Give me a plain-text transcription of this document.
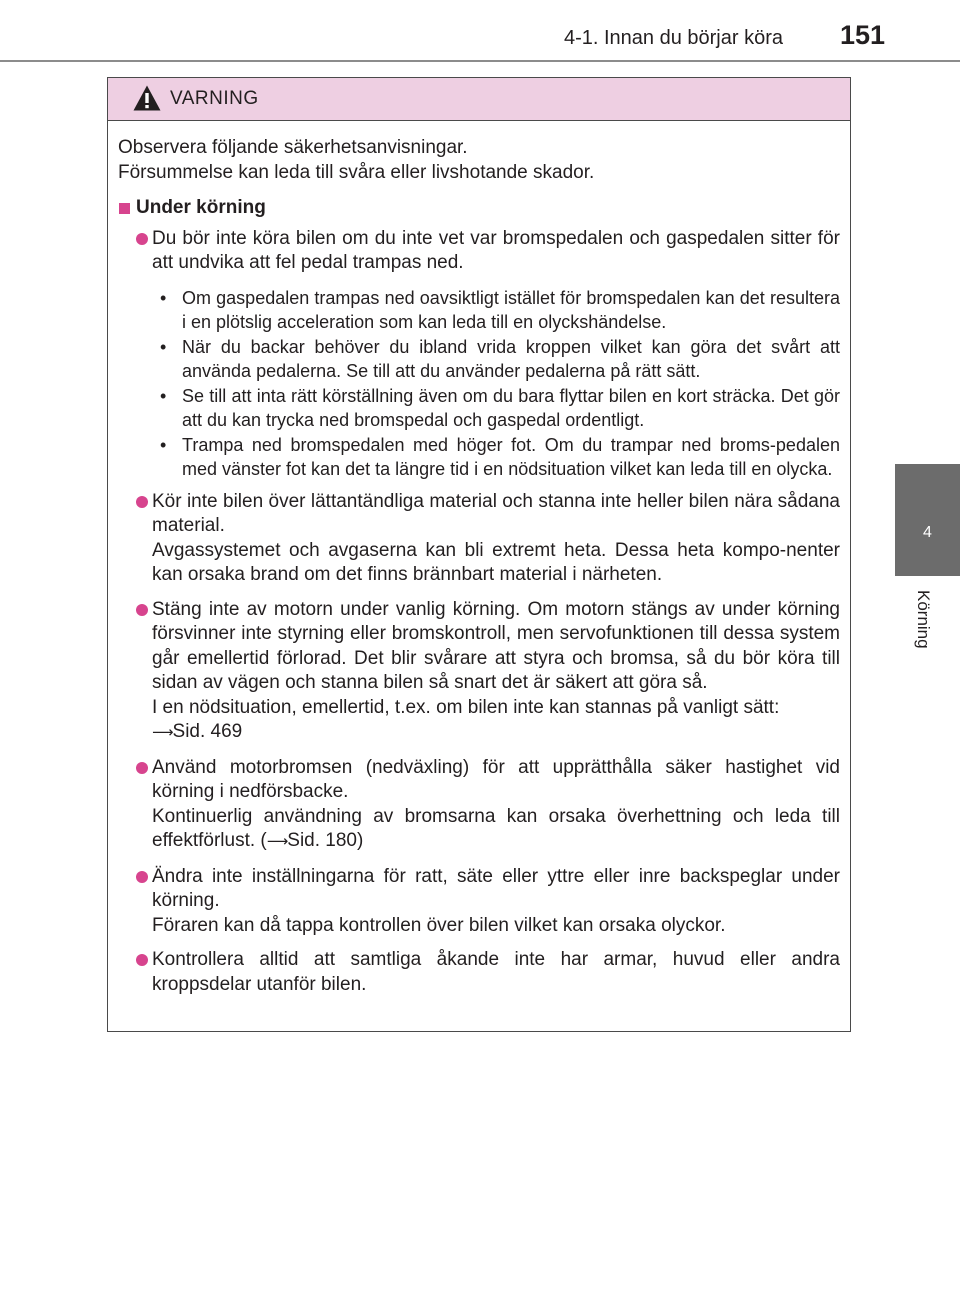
4-1. Innan du börjar köra 151
4
Körning
VARNING
Observera följande säkerhetsanvisningar.
Försummelse kan leda till svåra eller livshotande skador.
Under körning
Du bör inte köra bilen om du inte vet var bromspedalen och gaspedalen sitter för att undvika att fel pedal trampas ned.
• Om gaspedalen trampas ned oavsiktligt istället för bromspedalen kan det resultera i en plötslig acceleration som kan leda till en olyckshändelse.
• När du backar behöver du ibland vrida kroppen vilket kan göra det svårt att använda pedalerna. Se till att du använder pedalerna på rätt sätt.
• Se till att inta rätt körställning även om du bara flyttar bilen en kort sträcka. Det gör att du kan trycka ned bromspedal och gaspedal ordentligt.
• Trampa ned bromspedalen med höger fot. Om du trampar ned broms-pedalen med vänster fot kan det ta längre tid i en nödsituation vilket kan leda till en olycka.
Kör inte bilen över lättantändliga material och stanna inte heller bilen nära sådana material.
Avgassystemet och avgaserna kan bli extremt heta. Dessa heta kompo-nenter kan orsaka brand om det finns brännbart material i närheten.
Stäng inte av motorn under vanlig körning. Om motorn stängs av under körning försvinner inte styrning eller bromskontroll, men servofunktionen till dessa system går emellertid förlorad. Det blir svårare att styra och bromsa, så du bör köra till sidan av vägen och stanna bilen så snart det är säkert att göra så.
I en nödsituation, emellertid, t.ex. om bilen inte kan stannas på vanligt sätt:
⟶Sid. 469
Använd motorbromsen (nedväxling) för att upprätthålla säker hastighet vid körning i nedförsbacke.
Kontinuerlig användning av bromsarna kan orsaka överhettning och leda till effektförlust. (⟶Sid. 180)
Ändra inte inställningarna för ratt, säte eller yttre eller inre backspeglar under körning.
Föraren kan då tappa kontrollen över bilen vilket kan orsaka olyckor.
Kontrollera alltid att samtliga åkande inte har armar, huvud eller andra kroppsdelar utanför bilen.
